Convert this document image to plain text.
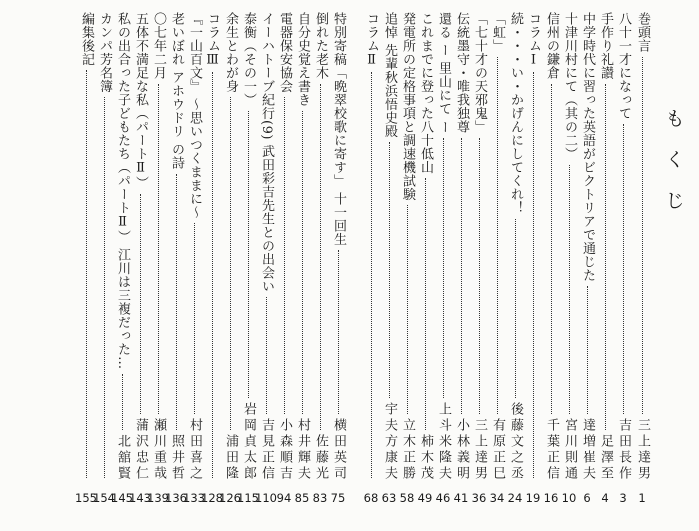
も
く
じ
巻頭言
三上達男
1
八十一才になって
吉田長作
3
手作り礼讃
足澤至
4
中学時代に習った英語がビクトリアで通じた
達増崔夫
6
十津川村にて（其の二）
宮川則通
10
信州の鎌倉
千葉正信
16
コラムⅠ
19
続・・・い・かげんにしてくれ！
後藤文之丞
24
「虹」
有原正巳
34
「七十才の天邪鬼」
三上達男
36
伝統墨守・唯我独尊
小林義明
41
還る ー 里山にて ー
上斗米隆夫
46
これまでに登った八十低山
柿木茂
49
発電所の定格事項と調速機試験
立木正勝
58
追悼 先輩秋浜悟史殿
宇夫方康夫
63
コラムⅡ
68
特別寄稿「晩翠校歌に寄す」 十一回生
横田英司
75
倒れた老木
佐藤光
83
自分史覚え書き
村井輝夫
85
電器保安協会
小森順吉
94
イーハトーブ紀行(9) 武田彩吉先生との出会い
吉見正信
110
泰衡（その一）
岩岡貞太郎
115
余生とわが身
浦田隆
126
コラムⅢ
128
『一山百文』 〜思いつくままに〜
村田喜之
133
老いぼれ アホウドリ の詩
照井哲
136
〇七年二月
瀬川重哉
139
五体不満足な私（パートⅡ）
蒲沢忠仁
143
私の出合った子どもたち（パートⅡ） 江川は三複だった…
北舘賢
145
カンパ芳名簿
154
編集後記
155
